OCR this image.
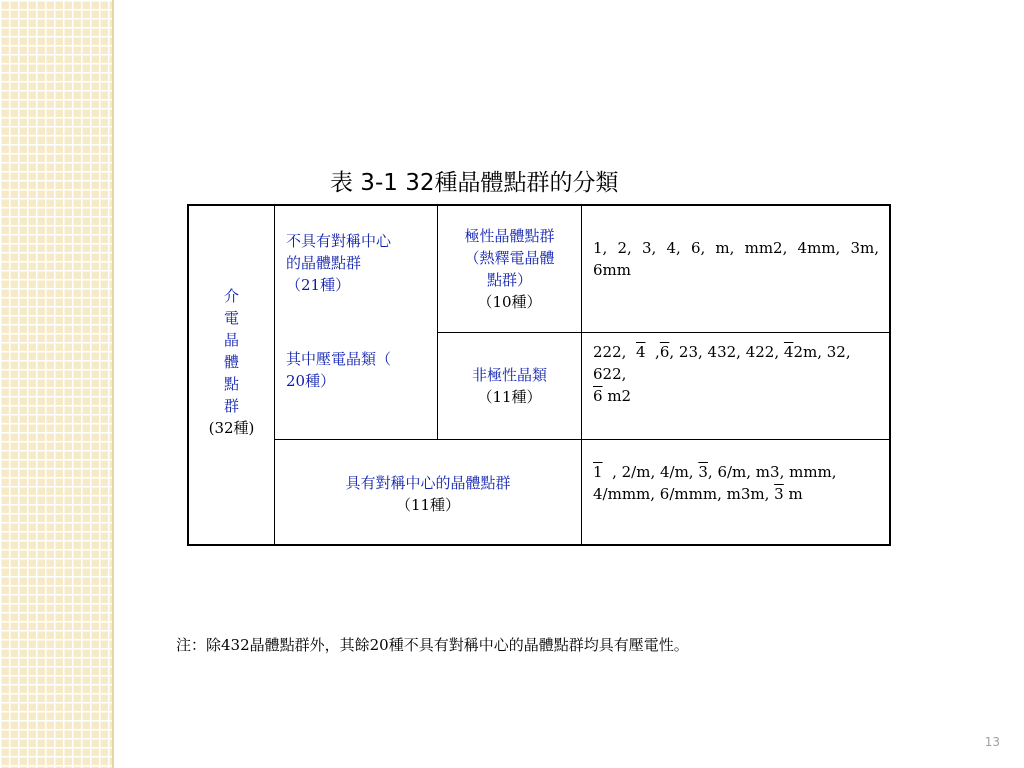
表 3-1 32種晶體點群的分類
介
電
晶
體
點
群
(32種)
不具有對稱中心
的晶體點群
（21種）
其中壓電晶類（
20種）
極性晶體點群
（熱釋電晶體
點群）
（10種）
1, 2, 3, 4, 6, m, mm2, 4mm, 3m,
6mm
非極性晶類
（11種）
222, 4 ,6, 23, 432, 422, 42m, 32,
622,
6 m2
具有對稱中心的晶體點群
（11種）
1 , 2/m, 4/m, 3, 6/m, m3, mmm,
4/mmm, 6/mmm, m3m, 3 m
注：除432晶體點群外，其餘20種不具有對稱中心的晶體點群均具有壓電性。
13
